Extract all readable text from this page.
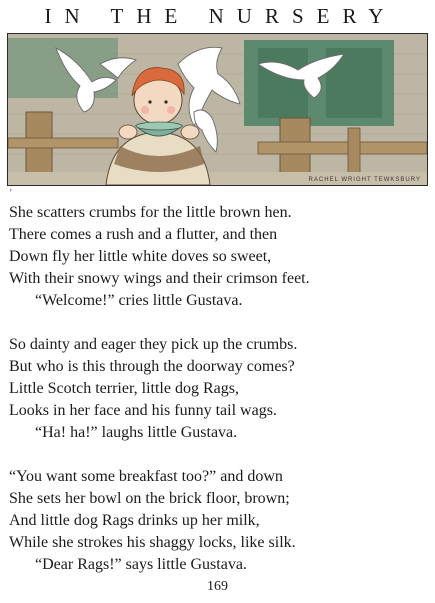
IN THE NURSERY
RACHEL WRIGHT TEWKSBURY
’
She scatters crumbs for the little brown hen.
There comes a rush and a flutter, and then
Down fly her little white doves so sweet,
With their snowy wings and their crimson feet.
“Welcome!” cries little Gustava.
So dainty and eager they pick up the crumbs.
But who is this through the doorway comes?
Little Scotch terrier, little dog Rags,
Looks in her face and his funny tail wags.
“Ha! ha!” laughs little Gustava.
“You want some breakfast too?” and down
She sets her bowl on the brick floor, brown;
And little dog Rags drinks up her milk,
While she strokes his shaggy locks, like silk.
“Dear Rags!” says little Gustava.
169
